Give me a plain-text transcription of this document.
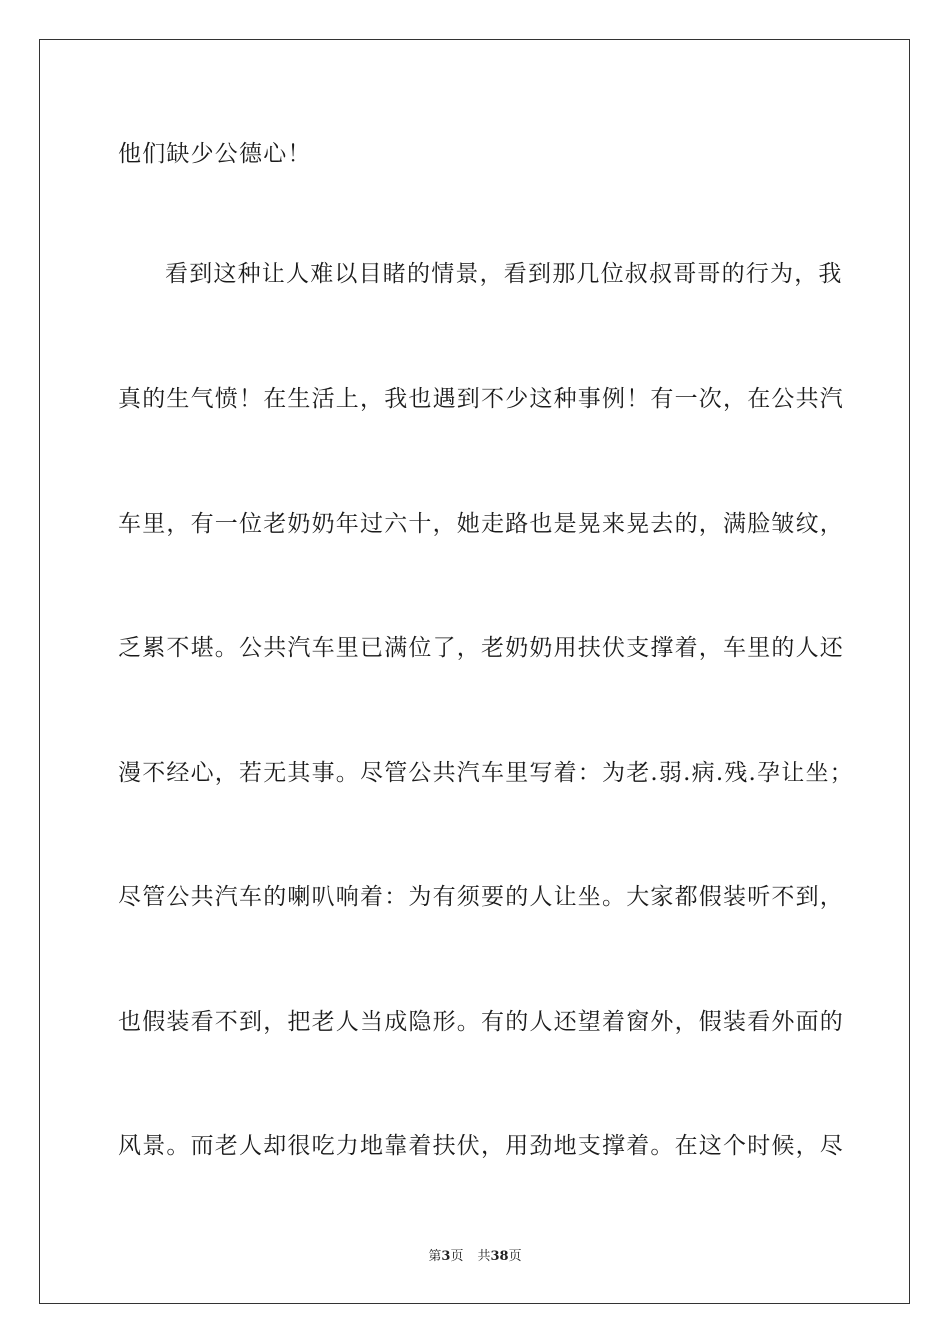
他们缺少公德心！
看到这种让人难以目睹的情景，看到那几位叔叔哥哥的行为，我
真的生气愤！在生活上，我也遇到不少这种事例！有一次，在公共汽
车里，有一位老奶奶年过六十，她走路也是晃来晃去的，满脸皱纹，
乏累不堪。公共汽车里已满位了，老奶奶用扶伏支撑着，车里的人还
漫不经心，若无其事。尽管公共汽车里写着：为老.弱.病.残.孕让坐；
尽管公共汽车的喇叭响着：为有须要的人让坐。大家都假装听不到，
也假装看不到，把老人当成隐形。有的人还望着窗外，假装看外面的
风景。而老人却很吃力地靠着扶伏，用劲地支撑着。在这个时候，尽
第3页 共38页
